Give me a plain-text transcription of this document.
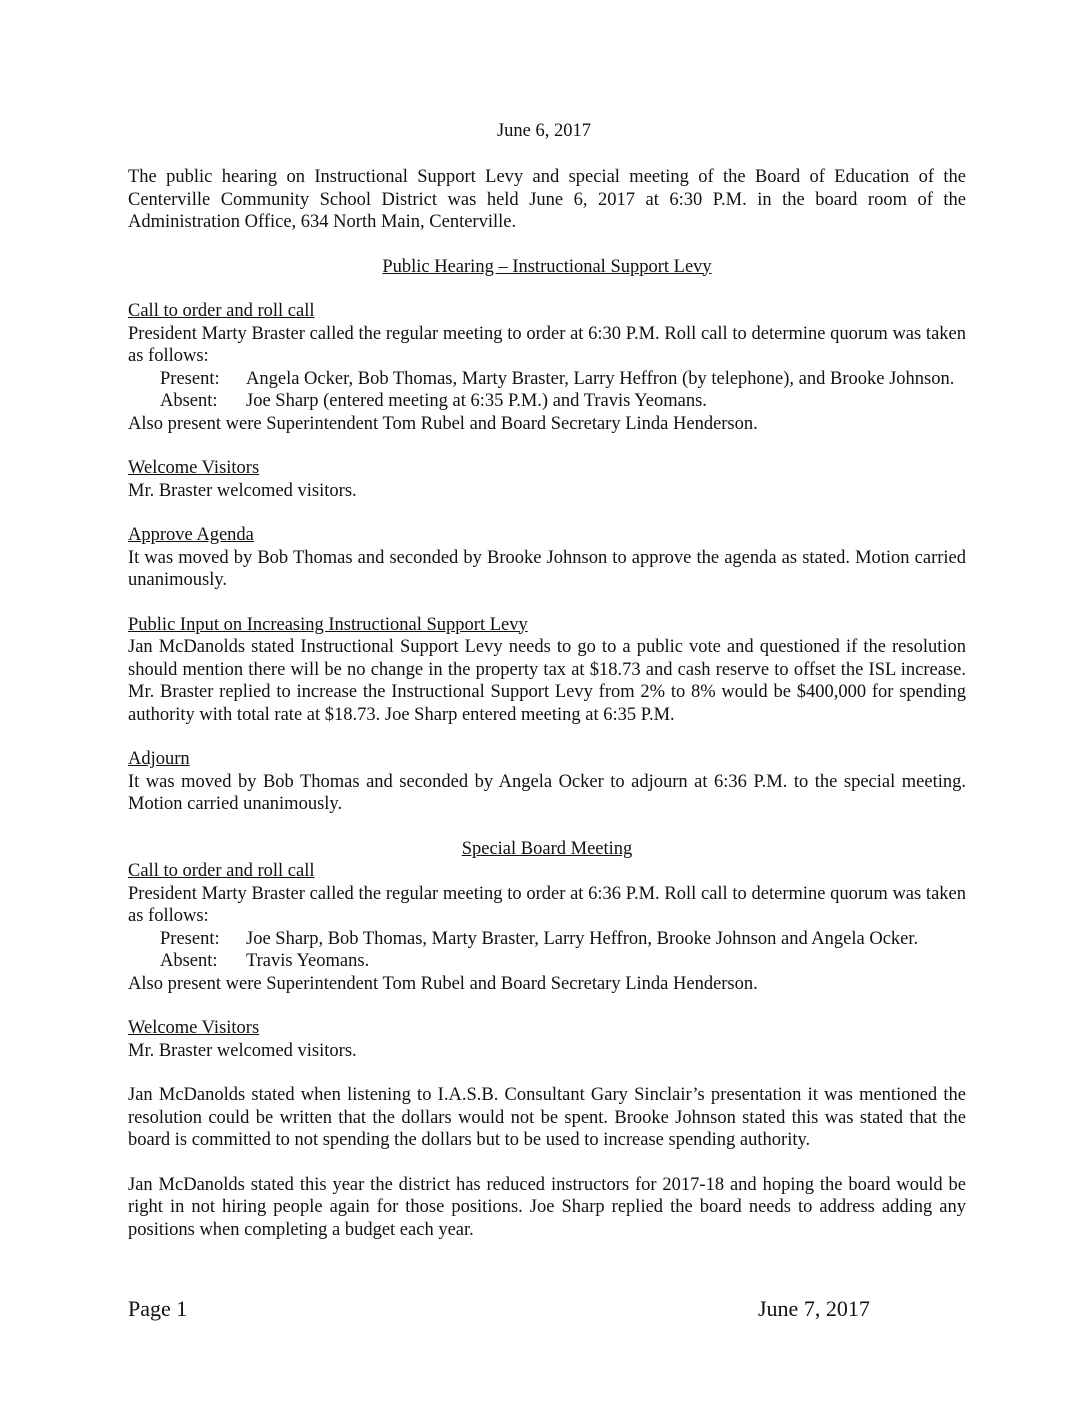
June 6, 2017

The public hearing on Instructional Support Levy and special meeting of the Board of Education of the Centerville Community School District was held June 6, 2017 at 6:30 P.M. in the board room of the Administration Office, 634 North Main, Centerville.

Public Hearing – Instructional Support Levy

Call to order and roll call

President Marty Braster called the regular meeting to order at 6:30 P.M. Roll call to determine quorum was taken as follows:

Present:	Angela Ocker, Bob Thomas, Marty Braster, Larry Heffron (by telephone), and Brooke Johnson.
Absent:	Joe Sharp (entered meeting at 6:35 P.M.) and Travis Yeomans.

Also present were Superintendent Tom Rubel and Board Secretary Linda Henderson.

Welcome Visitors

Mr. Braster welcomed visitors.

Approve Agenda

It was moved by Bob Thomas and seconded by Brooke Johnson to approve the agenda as stated. Motion carried unanimously.

Public Input on Increasing Instructional Support Levy

Jan McDanolds stated Instructional Support Levy needs to go to a public vote and questioned if the resolution should mention there will be no change in the property tax at $18.73 and cash reserve to offset the ISL increase. Mr. Braster replied to increase the Instructional Support Levy from 2% to 8% would be $400,000 for spending authority with total rate at $18.73. Joe Sharp entered meeting at 6:35 P.M.

Adjourn

It was moved by Bob Thomas and seconded by Angela Ocker to adjourn at 6:36 P.M. to the special meeting. Motion carried unanimously.

Special Board Meeting

Call to order and roll call

President Marty Braster called the regular meeting to order at 6:36 P.M. Roll call to determine quorum was taken as follows:

Present:	Joe Sharp, Bob Thomas, Marty Braster, Larry Heffron, Brooke Johnson and Angela Ocker.
Absent:	Travis Yeomans.

Also present were Superintendent Tom Rubel and Board Secretary Linda Henderson.

Welcome Visitors

Mr. Braster welcomed visitors.

Jan McDanolds stated when listening to I.A.S.B. Consultant Gary Sinclair’s presentation it was mentioned the resolution could be written that the dollars would not be spent. Brooke Johnson stated this was stated that the board is committed to not spending the dollars but to be used to increase spending authority.

Jan McDanolds stated this year the district has reduced instructors for 2017-18 and hoping the board would be right in not hiring people again for those positions. Joe Sharp replied the board needs to address adding any positions when completing a budget each year.

Page 1	June 7, 2017
